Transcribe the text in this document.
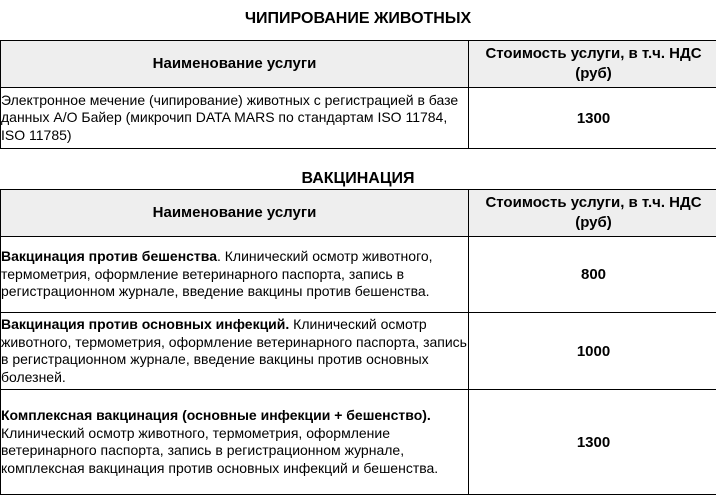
ЧИПИРОВАНИЕ ЖИВОТНЫХ
Наименование услуги	Стоимость услуги, в т.ч. НДС (руб)
Электронное мечение (чипирование) животных с регистрацией в базе данных А/О Байер (микрочип DATA MARS по стандартам ISO 11784, ISO 11785)	1300
ВАКЦИНАЦИЯ
Наименование услуги	Стоимость услуги, в т.ч. НДС (руб)
Вакцинация против бешенства. Клинический осмотр животного, термометрия, оформление ветеринарного паспорта, запись в регистрационном журнале, введение вакцины против бешенства.	800
Вакцинация против основных инфекций. Клинический осмотр животного, термометрия, оформление ветеринарного паспорта, запись в регистрационном журнале, введение вакцины против основных болезней.	1000
Комплексная вакцинация (основные инфекции + бешенство). Клинический осмотр животного, термометрия, оформление ветеринарного паспорта, запись в регистрационном журнале, комплексная вакцинация против основных инфекций и бешенства.	1300
